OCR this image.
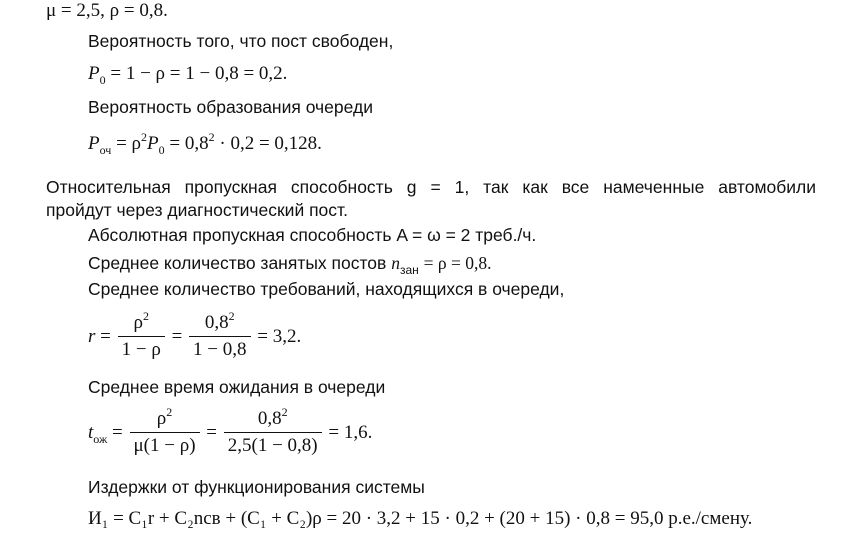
μ = 2,5, ρ = 0,8.
Вероятность того, что пост свободен,
$P_0 = 1 - \rho = 1 - 0,8 = 0,2$.
Вероятность образования очереди
$P_{оч} = \rho^2P_0 = 0,8^2 \cdot 0,2 = 0,128$.
Относительная пропускная способность g = 1, так как все намеченные автомобили
пройдут через диагностический пост.
Абсолютная пропускная способность A = ω = 2 треб./ч.
Среднее количество занятых постов $n_{зан} = \rho = 0,8$.
Среднее количество требований, находящихся в очереди,
$r = \frac{\rho^2}{1 - \rho} = \frac{0,8^2}{1 - 0,8} = 3,2$.
Среднее время ожидания в очереди
$t_{ож} = \frac{\rho^2}{\mu(1 - \rho)} = \frac{0,8^2}{2,5(1 - 0,8)} = 1,6$.
Издержки от функционирования системы
И₁ = C₁r + C₂nсв + (C₁ + C₂)ρ = 20 · 3,2 + 15 · 0,2 + (20 + 15) · 0,8 = 95,0 р.е./смену.
